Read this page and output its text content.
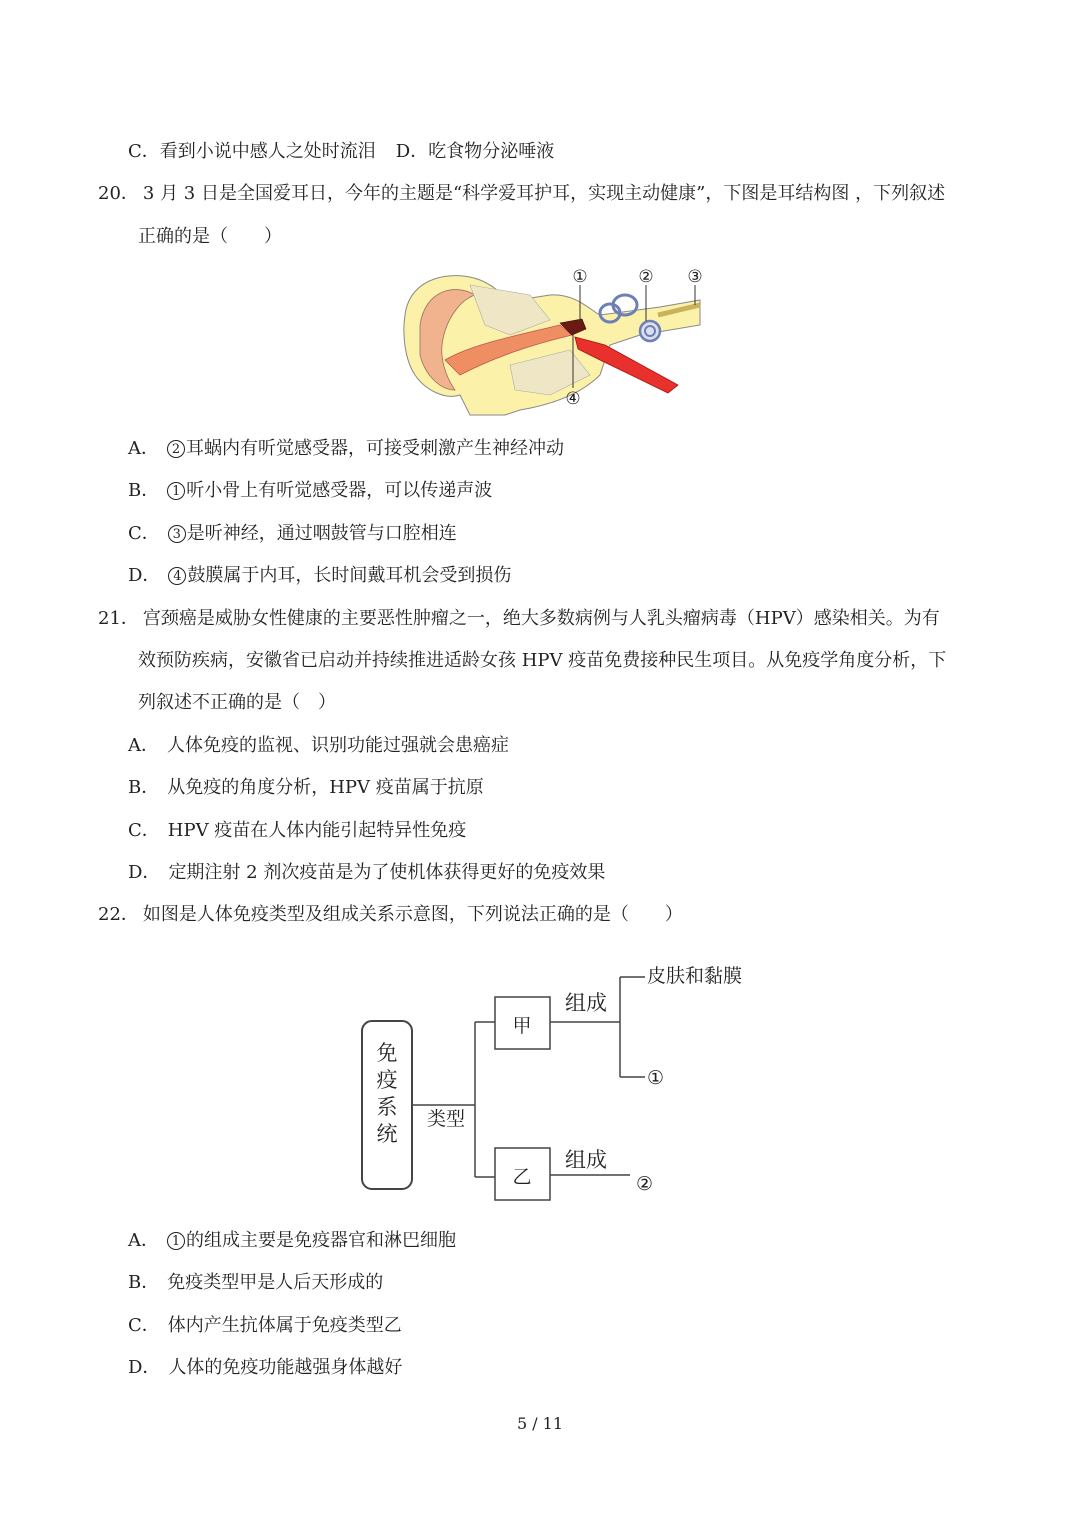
C．看到小说中感人之处时流泪 D．吃食物分泌唾液
20． 3 月 3 日是全国爱耳日，今年的主题是“科学爱耳护耳，实现主动健康”，下图是耳结构图 ，下列叙述
正确的是（　　）
①	② ③
④
A． 2 耳蜗内有听觉感受器，可接受刺激产生神经冲动
B． 1 听小骨上有听觉感受器，可以传递声波
C． 3 是听神经，通过咽鼓管与口腔相连
D． 4 鼓膜属于内耳，长时间戴耳机会受到损伤
21． 宫颈癌是威胁女性健康的主要恶性肿瘤之一，绝大多数病例与人乳头瘤病毒（HPV）感染相关。为有
效预防疾病，安徽省已启动并持续推进适龄女孩 HPV 疫苗免费接种民生项目。从免疫学角度分析，下
列叙述不正确的是（　）
A． 人体免疫的监视、识别功能过强就会患癌症
B． 从免疫的角度分析，HPV 疫苗属于抗原
C． HPV 疫苗在人体内能引起特异性免疫
D． 定期注射 2 剂次疫苗是为了使机体获得更好的免疫效果
22． 如图是人体免疫类型及组成关系示意图，下列说法正确的是（　　）
免
疫
系
统
类型
甲
乙
组成
皮肤和黏膜
①
组成
②
A． 1 的组成主要是免疫器官和淋巴细胞
B． 免疫类型甲是人后天形成的
C． 体内产生抗体属于免疫类型乙
D． 人体的免疫功能越强身体越好
5 / 11
